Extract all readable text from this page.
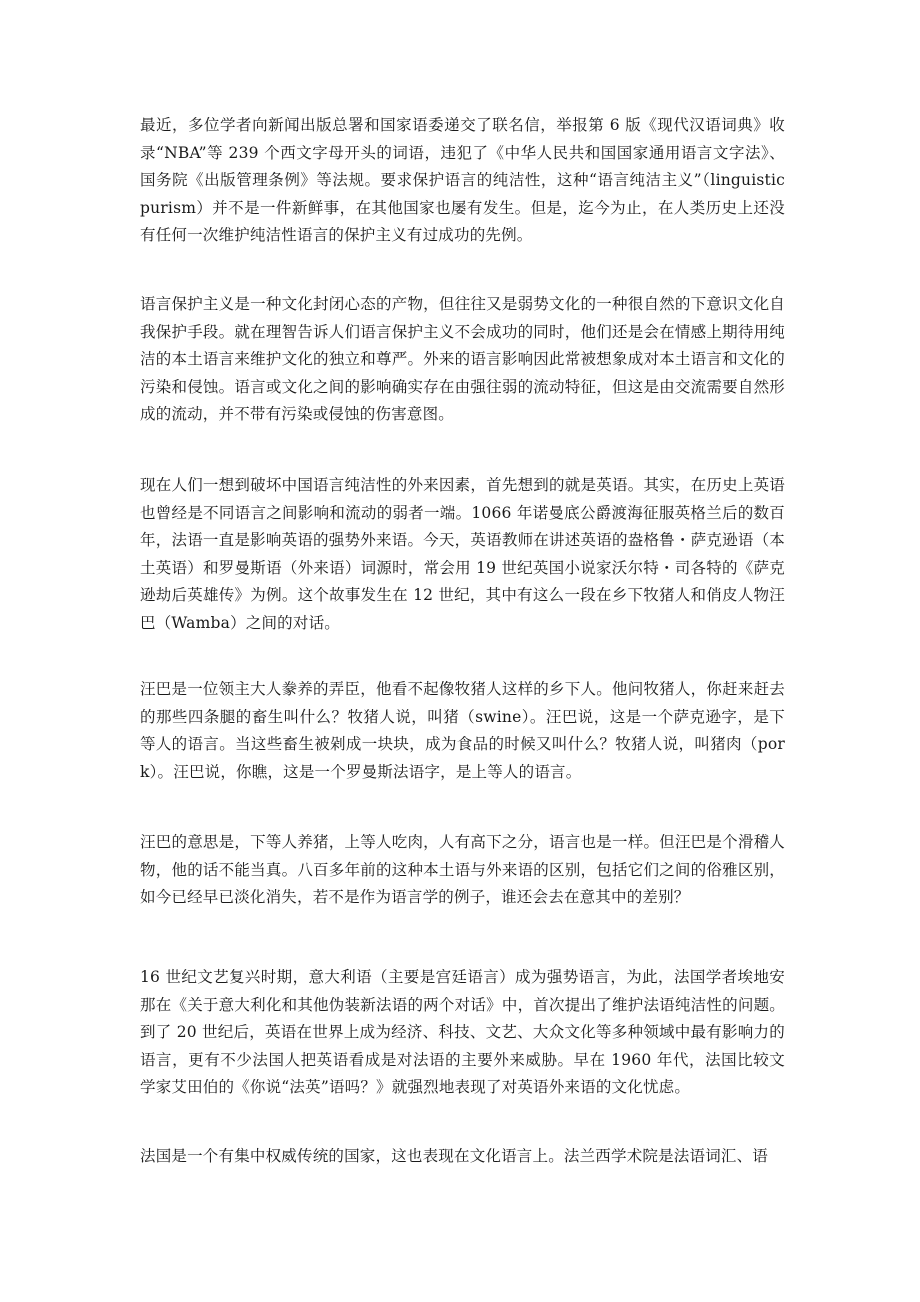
最近，多位学者向新闻出版总署和国家语委递交了联名信，举报第 6 版《现代汉语词典》收录“NBA”等 239 个西文字母开头的词语，违犯了《中华人民共和国国家通用语言文字法》、国务院《出版管理条例》等法规。要求保护语言的纯洁性，这种“语言纯洁主义”（linguistic purism）并不是一件新鲜事，在其他国家也屡有发生。但是，迄今为止，在人类历史上还没有任何一次维护纯洁性语言的保护主义有过成功的先例。

语言保护主义是一种文化封闭心态的产物，但往往又是弱势文化的一种很自然的下意识文化自我保护手段。就在理智告诉人们语言保护主义不会成功的同时，他们还是会在情感上期待用纯洁的本土语言来维护文化的独立和尊严。外来的语言影响因此常被想象成对本土语言和文化的污染和侵蚀。语言或文化之间的影响确实存在由强往弱的流动特征，但这是由交流需要自然形成的流动，并不带有污染或侵蚀的伤害意图。

现在人们一想到破坏中国语言纯洁性的外来因素，首先想到的就是英语。其实，在历史上英语也曾经是不同语言之间影响和流动的弱者一端。1066 年诺曼底公爵渡海征服英格兰后的数百年，法语一直是影响英语的强势外来语。今天，英语教师在讲述英语的盎格鲁・萨克逊语（本土英语）和罗曼斯语（外来语）词源时，常会用 19 世纪英国小说家沃尔特・司各特的《萨克逊劫后英雄传》为例。这个故事发生在 12 世纪，其中有这么一段在乡下牧猪人和俏皮人物汪巴（Wamba）之间的对话。

汪巴是一位领主大人豢养的弄臣，他看不起像牧猪人这样的乡下人。他问牧猪人，你赶来赶去的那些四条腿的畜生叫什么？牧猪人说，叫猪（swine）。汪巴说，这是一个萨克逊字，是下等人的语言。当这些畜生被剁成一块块，成为食品的时候又叫什么？牧猪人说，叫猪肉（pork）。汪巴说，你瞧，这是一个罗曼斯法语字，是上等人的语言。

汪巴的意思是，下等人养猪，上等人吃肉，人有高下之分，语言也是一样。但汪巴是个滑稽人物，他的话不能当真。八百多年前的这种本土语与外来语的区别，包括它们之间的俗雅区别，如今已经早已淡化消失，若不是作为语言学的例子，谁还会去在意其中的差别？

16 世纪文艺复兴时期，意大利语（主要是宫廷语言）成为强势语言，为此，法国学者埃地安那在《关于意大利化和其他伪装新法语的两个对话》中，首次提出了维护法语纯洁性的问题。到了 20 世纪后，英语在世界上成为经济、科技、文艺、大众文化等多种领域中最有影响力的语言，更有不少法国人把英语看成是对法语的主要外来威胁。早在 1960 年代，法国比较文学家艾田伯的《你说“法英”语吗？》就强烈地表现了对英语外来语的文化忧虑。

法国是一个有集中权威传统的国家，这也表现在文化语言上。法兰西学术院是法语词汇、语
